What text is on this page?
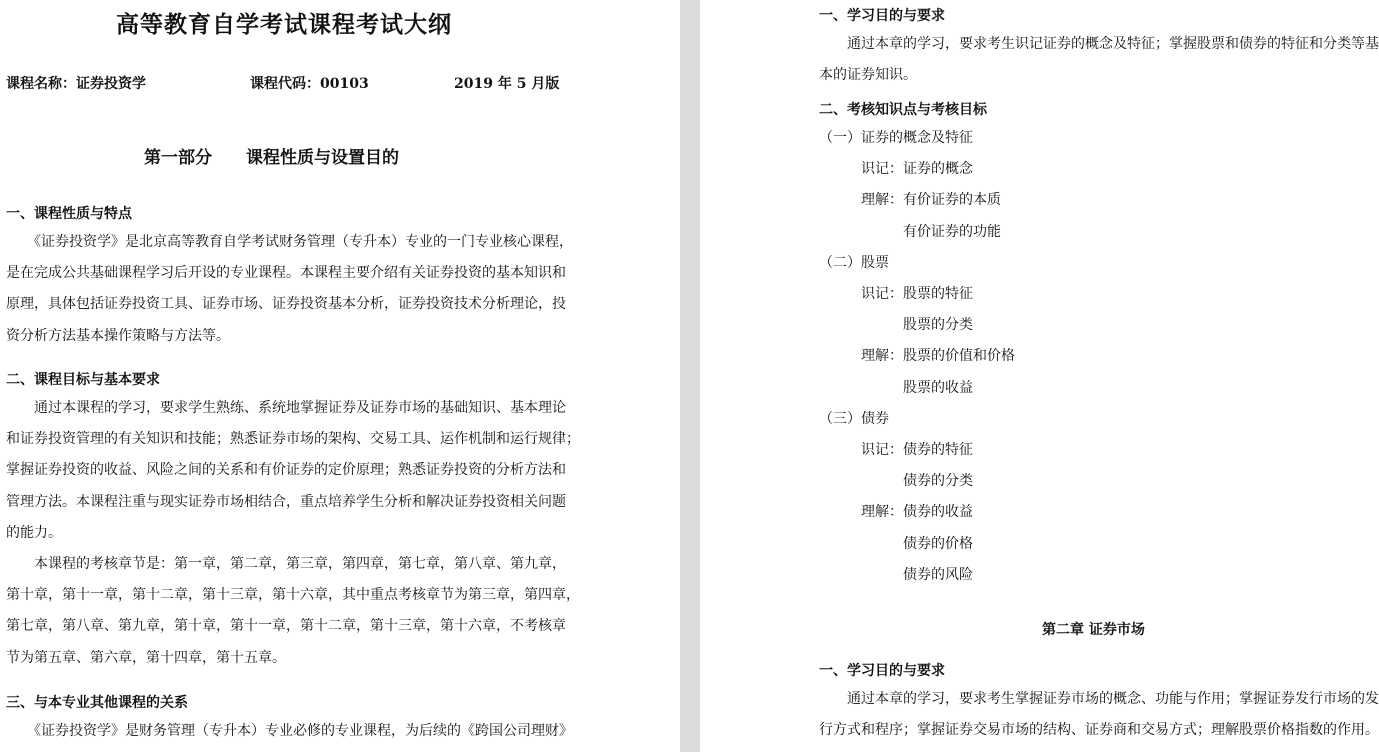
高等教育自学考试课程考试大纲
课程名称：证券投资学	课程代码：00103	2019 年 5 月版
第一部分　　课程性质与设置目的
一、课程性质与特点
　　《证券投资学》是北京高等教育自学考试财务管理（专升本）专业的一门专业核心课程，
是在完成公共基础课程学习后开设的专业课程。本课程主要介绍有关证券投资的基本知识和
原理，具体包括证券投资工具、证券市场、证券投资基本分析，证券投资技术分析理论，投
资分析方法基本操作策略与方法等。
二、课程目标与基本要求
　　通过本课程的学习，要求学生熟练、系统地掌握证券及证券市场的基础知识、基本理论
和证券投资管理的有关知识和技能；熟悉证券市场的架构、交易工具、运作机制和运行规律；
掌握证券投资的收益、风险之间的关系和有价证券的定价原理；熟悉证券投资的分析方法和
管理方法。本课程注重与现实证券市场相结合，重点培养学生分析和解决证券投资相关问题
的能力。
　　本课程的考核章节是：第一章，第二章，第三章，第四章，第七章，第八章、第九章，
第十章，第十一章，第十二章，第十三章，第十六章，其中重点考核章节为第三章，第四章，
第七章，第八章、第九章，第十章，第十一章，第十二章，第十三章，第十六章，不考核章
节为第五章、第六章，第十四章，第十五章。
三、与本专业其他课程的关系
　　《证券投资学》是财务管理（专升本）专业必修的专业课程，为后续的《跨国公司理财》
一、学习目的与要求
　　通过本章的学习，要求考生识记证券的概念及特征；掌握股票和债券的特征和分类等基
本的证券知识。
二、考核知识点与考核目标
（一）证券的概念及特征
　　　识记：证券的概念
　　　理解：有价证券的本质
　　　　　　有价证券的功能
（二）股票
　　　识记：股票的特征
　　　　　　股票的分类
　　　理解：股票的价值和价格
　　　　　　股票的收益
（三）债券
　　　识记：债券的特征
　　　　　　债券的分类
　　　理解：债券的收益
　　　　　　债券的价格
　　　　　　债券的风险
第二章 证券市场
一、学习目的与要求
　　通过本章的学习，要求考生掌握证券市场的概念、功能与作用；掌握证券发行市场的发
行方式和程序；掌握证券交易市场的结构、证券商和交易方式；理解股票价格指数的作用。
